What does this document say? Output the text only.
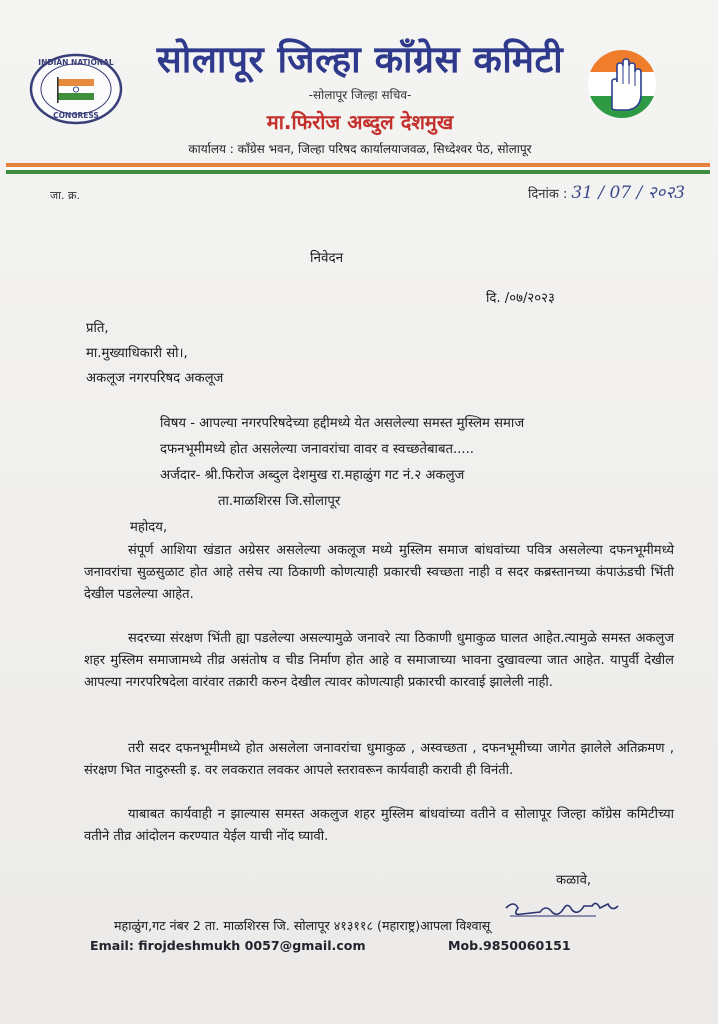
INDIAN NATIONAL
CONGRESS
सोलापूर जिल्हा काँग्रेस कमिटी
-सोलापूर जिल्हा सचिव-
मा.फिरोज अब्दुल देशमुख
कार्यालय : काँग्रेस भवन, जिल्हा परिषद कार्यालयाजवळ, सिध्देश्वर पेठ, सोलापूर
जा. क्र.	दिनांक : 31 / 07 / २०२3
निवेदन
दि. /०७/२०२३
प्रति,
मा.मुख्याधिकारी सो।,
अकलूज नगरपरिषद अकलूज
विषय - आपल्या नगरपरिषदेच्या हद्दीमध्ये येत असलेल्या समस्त मुस्लिम समाज
दफनभूमीमध्ये होत असलेल्या जनावरांचा वावर व स्वच्छतेबाबत.....
अर्जदार- श्री.फिरोज अब्दुल देशमुख रा.महाळुंग गट नं.२ अकलुज
ता.माळशिरस जि.सोलापूर
महोदय,
संपूर्ण आशिया खंडात अग्रेसर असलेल्या अकलूज मध्ये मुस्लिम समाज बांधवांच्या पवित्र असलेल्या दफनभूमीमध्ये जनावरांचा सुळसुळाट होत आहे तसेच त्या ठिकाणी कोणत्याही प्रकारची स्वच्छता नाही व सदर कब्रस्तानच्या कंपाऊंडची भिंती देखील पडलेल्या आहेत.
सदरच्या संरक्षण भिंती ह्या पडलेल्या असल्यामुळे जनावरे त्या ठिकाणी धुमाकुळ घालत आहेत.त्यामुळे समस्त अकलुज शहर मुस्लिम समाजामध्ये तीव्र असंतोष व चीड निर्माण होत आहे व समाजाच्या भावना दुखावल्या जात आहेत. यापुर्वी देखील आपल्या नगरपरिषदेला वारंवार तक्रारी करुन देखील त्यावर कोणत्याही प्रकारची कारवाई झालेली नाही.
तरी सदर दफनभूमीमध्ये होत असलेला जनावरांचा धुमाकुळ , अस्वच्छता , दफनभूमीच्या जागेत झालेले अतिक्रमण , संरक्षण भित नादुरुस्ती इ. वर लवकरात लवकर आपले स्तरावरून कार्यवाही करावी ही विनंती.
याबाबत कार्यवाही न झाल्यास समस्त अकलुज शहर मुस्लिम बांधवांच्या वतीने व सोलापूर जिल्हा कॉग्रेस कमिटीच्या वतीने तीव्र आंदोलन करण्यात येईल याची नोंद घ्यावी.
कळावे,
महाळुंग,गट नंबर 2 ता. माळशिरस जि. सोलापूर ४१३११८ (महाराष्ट्र)आपला विश्वासू
Email: firojdeshmukh 0057@gmail.com	Mob.9850060151
